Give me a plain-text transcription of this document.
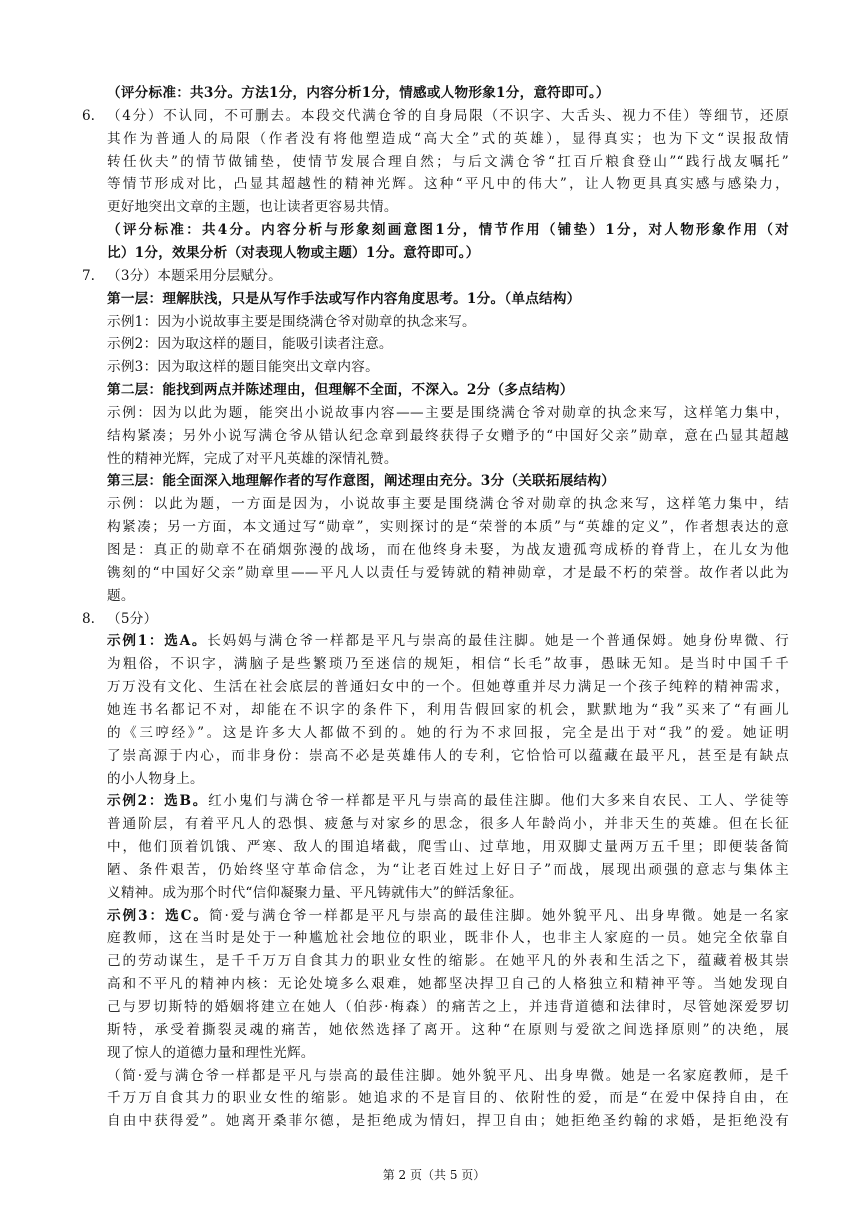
（评分标准：共3分。方法1分，内容分析1分，情感或人物形象1分，意符即可。）
6. （4分）不认同，不可删去。本段交代满仓爷的自身局限（不识字、大舌头、视力不佳）等细节，还原
其作为普通人的局限（作者没有将他塑造成“高大全”式的英雄），显得真实；也为下文“误报敌情
转任伙夫”的情节做铺垫，使情节发展合理自然；与后文满仓爷“扛百斤粮食登山”“践行战友嘱托”
等情节形成对比，凸显其超越性的精神光辉。这种“平凡中的伟大”，让人物更具真实感与感染力，
更好地突出文章的主题，也让读者更容易共情。
（评分标准：共4分。内容分析与形象刻画意图1分，情节作用（铺垫）1分，对人物形象作用（对
比）1分，效果分析（对表现人物或主题）1分。意符即可。）
7. （3分）本题采用分层赋分。
第一层：理解肤浅，只是从写作手法或写作内容角度思考。1分。（单点结构）
示例1：因为小说故事主要是围绕满仓爷对勋章的执念来写。
示例2：因为取这样的题目，能吸引读者注意。
示例3：因为取这样的题目能突出文章内容。
第二层：能找到两点并陈述理由，但理解不全面，不深入。2分（多点结构）
示例：因为以此为题，能突出小说故事内容——主要是围绕满仓爷对勋章的执念来写，这样笔力集中，
结构紧凑；另外小说写满仓爷从错认纪念章到最终获得子女赠予的“中国好父亲”勋章，意在凸显其超越
性的精神光辉，完成了对平凡英雄的深情礼赞。
第三层：能全面深入地理解作者的写作意图，阐述理由充分。3分（关联拓展结构）
示例：以此为题，一方面是因为，小说故事主要是围绕满仓爷对勋章的执念来写，这样笔力集中，结
构紧凑；另一方面，本文通过写“勋章”，实则探讨的是“荣誉的本质”与“英雄的定义”，作者想表达的意
图是：真正的勋章不在硝烟弥漫的战场，而在他终身未娶，为战友遗孤弯成桥的脊背上，在儿女为他
镌刻的“中国好父亲”勋章里——平凡人以责任与爱铸就的精神勋章，才是最不朽的荣誉。故作者以此为
题。
8. （5分）
示例1：选A。长妈妈与满仓爷一样都是平凡与崇高的最佳注脚。她是一个普通保姆。她身份卑微、行
为粗俗，不识字，满脑子是些繁琐乃至迷信的规矩，相信“长毛”故事，愚昧无知。是当时中国千千
万万没有文化、生活在社会底层的普通妇女中的一个。但她尊重并尽力满足一个孩子纯粹的精神需求，
她连书名都记不对，却能在不识字的条件下，利用告假回家的机会，默默地为“我”买来了“有画儿
的《三哼经》”。这是许多大人都做不到的。她的行为不求回报，完全是出于对“我”的爱。她证明
了崇高源于内心，而非身份：崇高不必是英雄伟人的专利，它恰恰可以蕴藏在最平凡，甚至是有缺点
的小人物身上。
示例2：选B。红小鬼们与满仓爷一样都是平凡与崇高的最佳注脚。他们大多来自农民、工人、学徒等
普通阶层，有着平凡人的恐惧、疲惫与对家乡的思念，很多人年龄尚小，并非天生的英雄。但在长征
中，他们顶着饥饿、严寒、敌人的围追堵截，爬雪山、过草地，用双脚丈量两万五千里；即便装备简
陋、条件艰苦，仍始终坚守革命信念，为“让老百姓过上好日子”而战，展现出顽强的意志与集体主
义精神。成为那个时代“信仰凝聚力量、平凡铸就伟大”的鲜活象征。
示例3：选C。简·爱与满仓爷一样都是平凡与崇高的最佳注脚。她外貌平凡、出身卑微。她是一名家
庭教师，这在当时是处于一种尴尬社会地位的职业，既非仆人，也非主人家庭的一员。她完全依靠自
己的劳动谋生，是千千万万自食其力的职业女性的缩影。在她平凡的外表和生活之下，蕴藏着极其崇
高和不平凡的精神内核：无论处境多么艰难，她都坚决捍卫自己的人格独立和精神平等。当她发现自
己与罗切斯特的婚姻将建立在她人（伯莎·梅森）的痛苦之上，并违背道德和法律时，尽管她深爱罗切
斯特，承受着撕裂灵魂的痛苦，她依然选择了离开。这种“在原则与爱欲之间选择原则”的决绝，展
现了惊人的道德力量和理性光辉。
（简·爱与满仓爷一样都是平凡与崇高的最佳注脚。她外貌平凡、出身卑微。她是一名家庭教师，是千
千万万自食其力的职业女性的缩影。她追求的不是盲目的、依附性的爱，而是“在爱中保持自由，在
自由中获得爱”。她离开桑菲尔德，是拒绝成为情妇，捍卫自由；她拒绝圣约翰的求婚，是拒绝没有
第 2 页（共 5 页）
